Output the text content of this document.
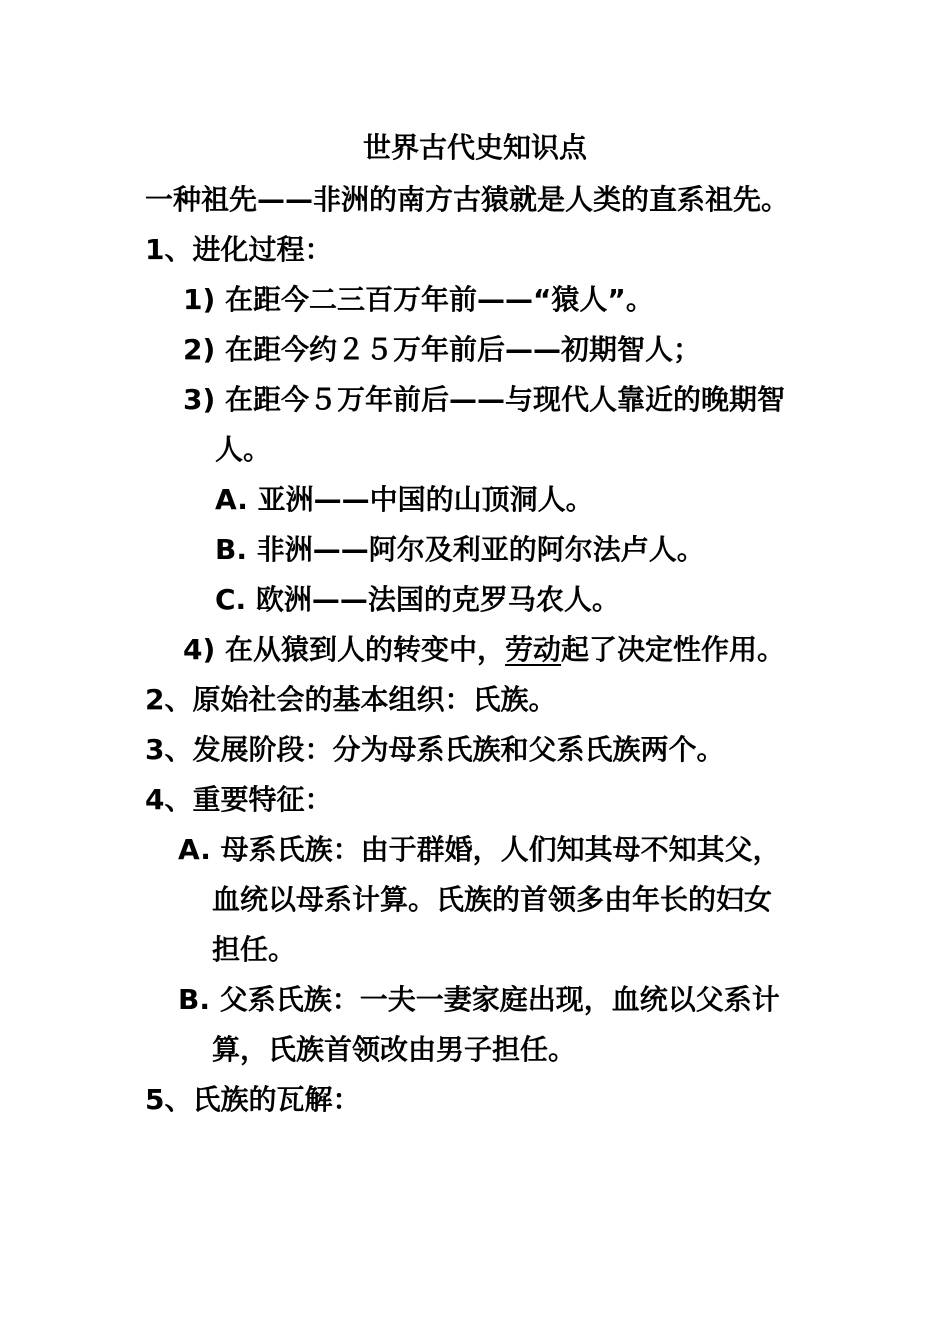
世界古代史知识点
一种祖先——非洲的南方古猿就是人类的直系祖先。
1、进化过程：
1) 在距今二三百万年前——“猿人”。
2) 在距今约２５万年前后——初期智人；
3) 在距今５万年前后——与现代人靠近的晚期智
人。
A. 亚洲——中国的山顶洞人。
B. 非洲——阿尔及利亚的阿尔法卢人。
C. 欧洲——法国的克罗马农人。
4) 在从猿到人的转变中，劳动起了决定性作用。
2、原始社会的基本组织：氏族。
3、发展阶段：分为母系氏族和父系氏族两个。
4、重要特征：
A. 母系氏族：由于群婚，人们知其母不知其父，
血统以母系计算。氏族的首领多由年长的妇女
担任。
B. 父系氏族：一夫一妻家庭出现，血统以父系计
算，氏族首领改由男子担任。
5、氏族的瓦解：
